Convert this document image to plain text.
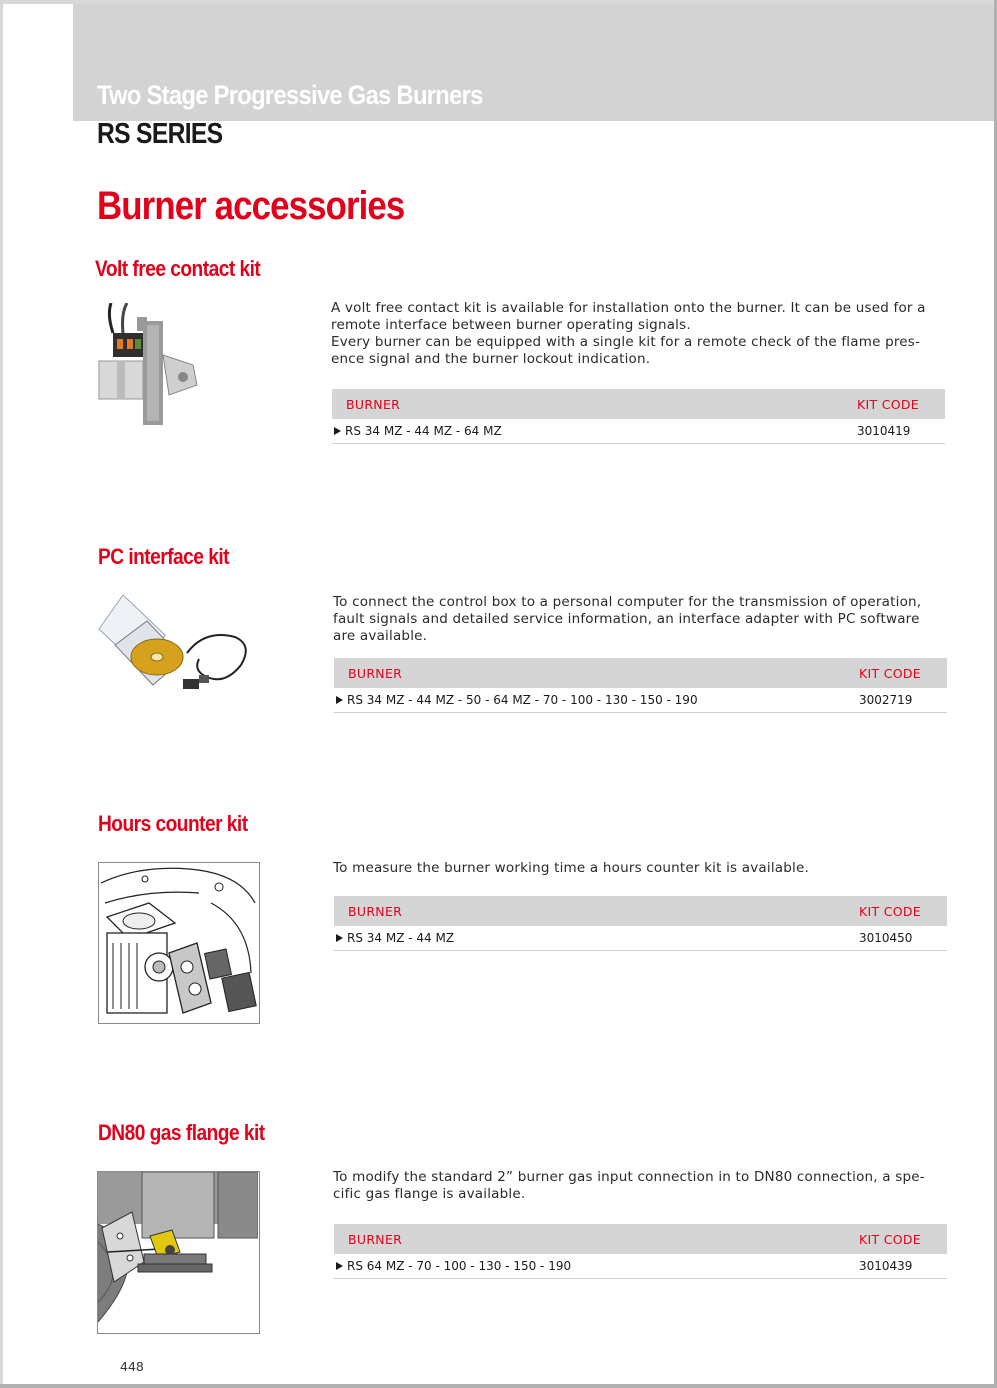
Two Stage Progressive Gas Burners
RS SERIES
Burner accessories
Volt free contact kit

A volt free contact kit is available for installation onto the burner. It can be used for a
remote interface between burner operating signals.
Every burner can be equipped with a single kit for a remote check of the flame pres-
ence signal and the burner lockout indication.

BURNER	KIT CODE
RS 34 MZ - 44 MZ - 64 MZ	3010419
PC interface kit

To connect the control box to a personal computer for the transmission of operation,
fault signals and detailed service information, an interface adapter with PC software
are available.

BURNER	KIT CODE
RS 34 MZ - 44 MZ - 50 - 64 MZ - 70 - 100 - 130 - 150 - 190	3002719
Hours counter kit

To measure the burner working time a hours counter kit is available.

BURNER	KIT CODE
RS 34 MZ - 44 MZ	3010450
DN80 gas flange kit

To modify the standard 2” burner gas input connection in to DN80 connection, a spe-
cific gas flange is available.

BURNER	KIT CODE
RS 64 MZ - 70 - 100 - 130 - 150 - 190	3010439
448
